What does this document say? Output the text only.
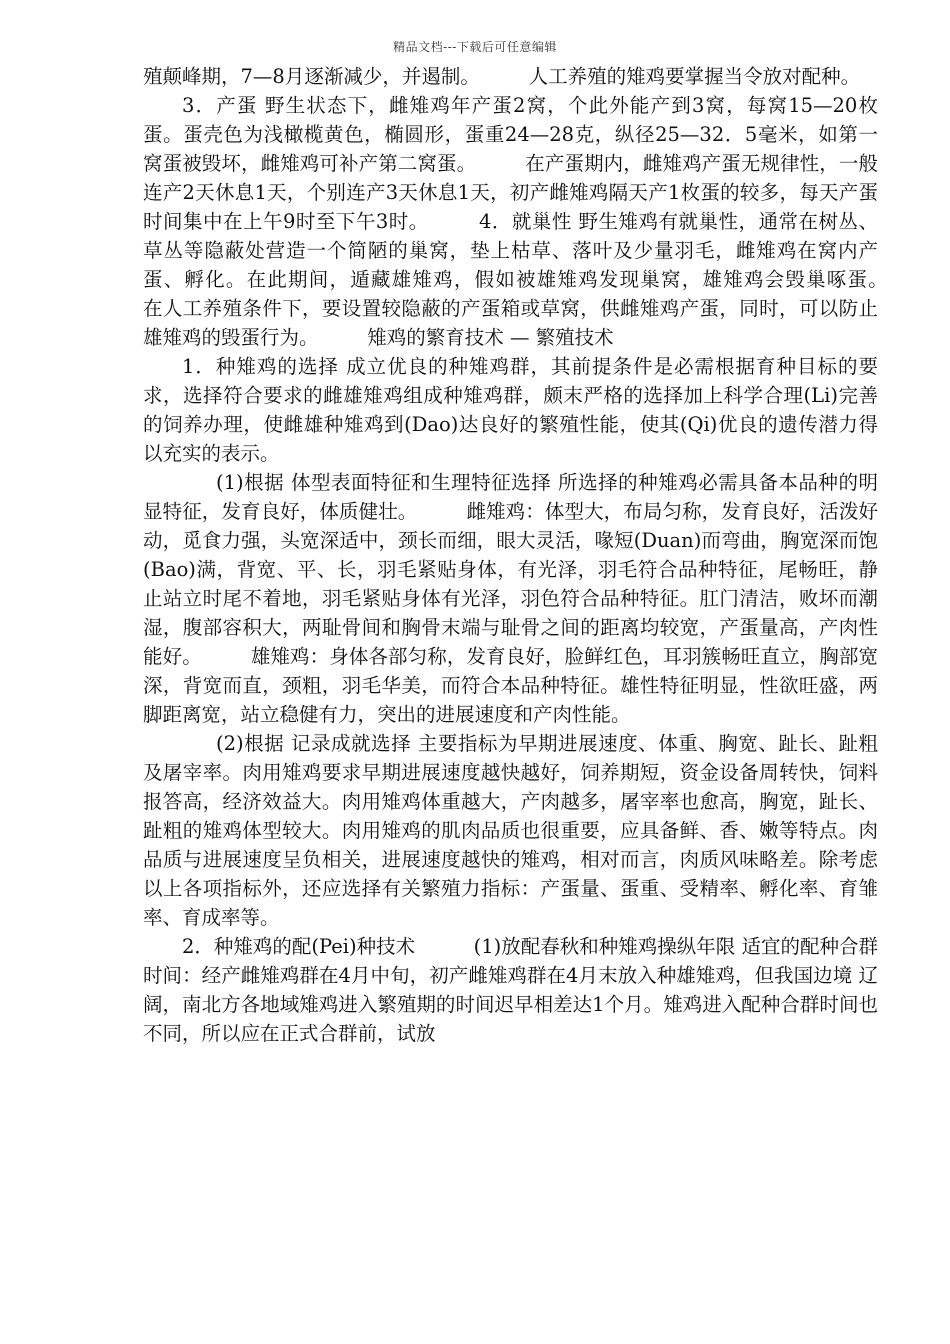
精品文档---下载后可任意编辑

殖颠峰期，7—8月逐渐减少，并遏制。　　　人工养殖的雉鸡要掌握当令放对配种。

3．产蛋 野生状态下，雌雉鸡年产蛋2窝，个此外能产到3窝，每窝15—20枚蛋。蛋壳色为浅橄榄黄色，椭圆形，蛋重24—28克，纵径25—32．5毫米，如第一窝蛋被毁坏，雌雉鸡可补产第二窝蛋。　　　在产蛋期内，雌雉鸡产蛋无规律性，一般连产2天休息1天，个别连产3天休息1天，初产雌雉鸡隔天产1枚蛋的较多，每天产蛋时间集中在上午9时至下午3时。　　　4．就巢性 野生雉鸡有就巢性，通常在树丛、草丛等隐蔽处营造一个简陋的巢窝，垫上枯草、落叶及少量羽毛，雌雉鸡在窝内产蛋、孵化。在此期间，遁藏雄雉鸡，假如被雄雉鸡发现巢窝，雄雉鸡会毁巢啄蛋。　　　在人工养殖条件下，要设置较隐蔽的产蛋箱或草窝，供雌雉鸡产蛋，同时，可以防止雄雉鸡的毁蛋行为。　　　雉鸡的繁育技术 — 繁殖技术

1．种雉鸡的选择 成立优良的种雉鸡群，其前提条件是必需根据育种目标的要求，选择符合要求的雌雄雉鸡组成种雉鸡群，颇末严格的选择加上科学合理(Li)完善的饲养办理，使雌雄种雉鸡到(Dao)达良好的繁殖性能，使其(Qi)优良的遗传潜力得以充实的表示。

(1)根据 体型表面特征和生理特征选择 所选择的种雉鸡必需具备本品种的明显特征，发育良好，体质健壮。　　　雌雉鸡：体型大，布局匀称，发育良好，活泼好动，觅食力强，头宽深适中，颈长而细，眼大灵活，喙短(Duan)而弯曲，胸宽深而饱(Bao)满，背宽、平、长，羽毛紧贴身体，有光泽，羽毛符合品种特征，尾畅旺，静止站立时尾不着地，羽毛紧贴身体有光泽，羽色符合品种特征。肛门清洁，败坏而潮湿，腹部容积大，两耻骨间和胸骨末端与耻骨之间的距离均较宽，产蛋量高，产肉性能好。　　　雄雉鸡：身体各部匀称，发育良好，脸鲜红色，耳羽簇畅旺直立，胸部宽深，背宽而直，颈粗，羽毛华美，而符合本品种特征。雄性特征明显，性欲旺盛，两脚距离宽，站立稳健有力，突出的进展速度和产肉性能。

(2)根据 记录成就选择 主要指标为早期进展速度、体重、胸宽、趾长、趾粗及屠宰率。肉用雉鸡要求早期进展速度越快越好，饲养期短，资金设备周转快，饲料报答高，经济效益大。肉用雉鸡体重越大，产肉越多，屠宰率也愈高，胸宽，趾长、趾粗的雉鸡体型较大。肉用雉鸡的肌肉品质也很重要，应具备鲜、香、嫩等特点。肉品质与进展速度呈负相关，进展速度越快的雉鸡，相对而言，肉质风味略差。除考虑以上各项指标外，还应选择有关繁殖力指标：产蛋量、蛋重、受精率、孵化率、育雏率、育成率等。

2．种雉鸡的配(Pei)种技术　　　(1)放配春秋和种雉鸡操纵年限 适宜的配种合群时间：经产雌雉鸡群在4月中旬，初产雌雉鸡群在4月末放入种雄雉鸡，但我国边境 辽阔，南北方各地域雉鸡进入繁殖期的时间迟早相差达1个月。雉鸡进入配种合群时间也不同，所以应在正式合群前，试放
